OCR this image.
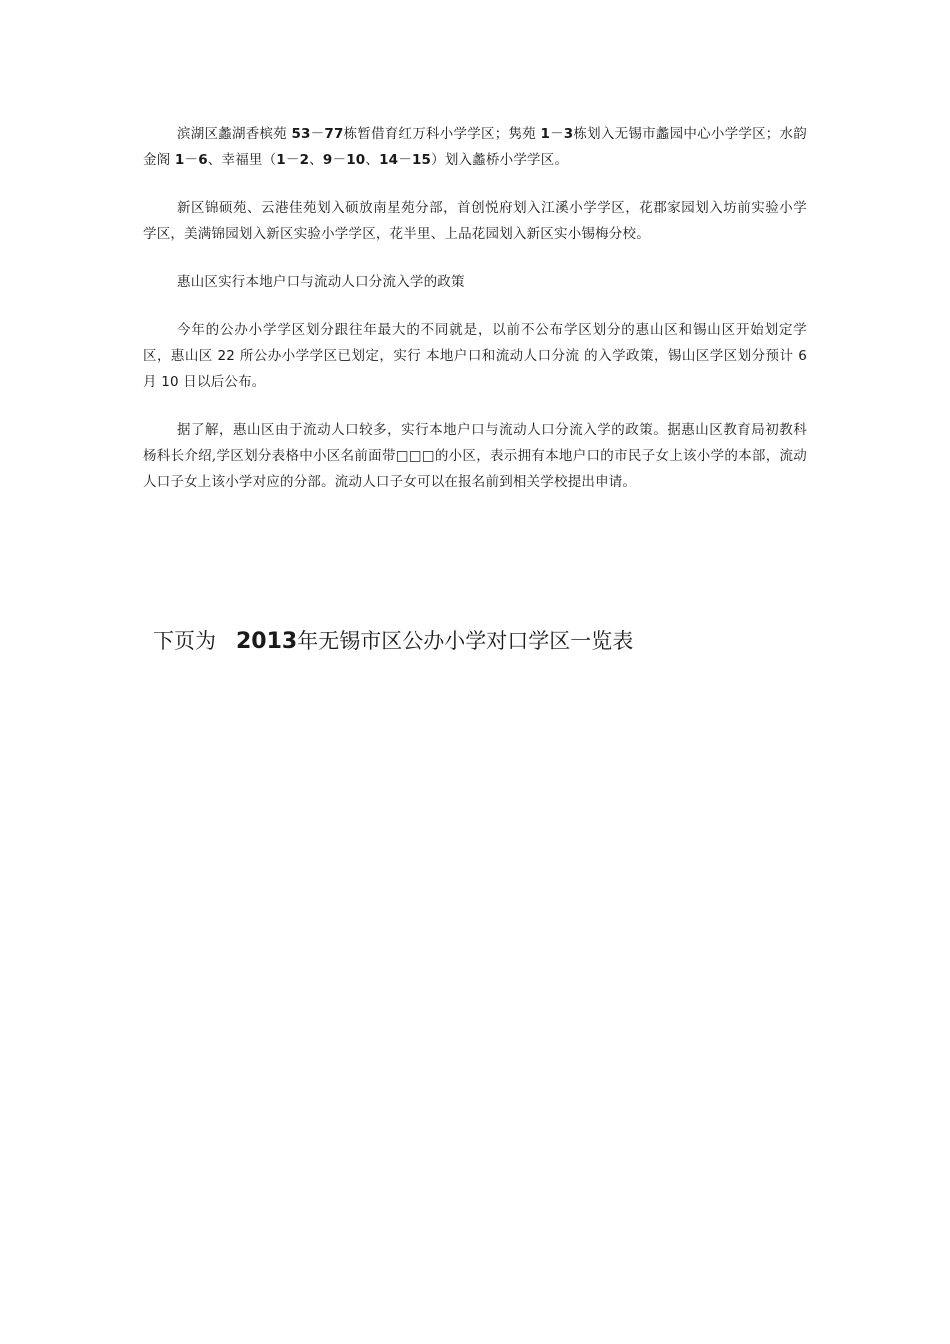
滨湖区蠡湖香槟苑 53－77栋暂借育红万科小学学区；隽苑 1－3栋划入无锡市蠡园中心小学学区；水韵金阁 1－6、幸福里（1－2、9－10、14－15）划入蠡桥小学学区。

新区锦硕苑、云港佳苑划入硕放南星苑分部，首创悦府划入江溪小学学区，花郡家园划入坊前实验小学学区，美满锦园划入新区实验小学学区，花半里、上品花园划入新区实小锡梅分校。

惠山区实行本地户口与流动人口分流入学的政策

今年的公办小学学区划分跟往年最大的不同就是，以前不公布学区划分的惠山区和锡山区开始划定学区，惠山区 22 所公办小学学区已划定，实行 本地户口和流动人口分流 的入学政策，锡山区学区划分预计 6 月 10 日以后公布。

据了解，惠山区由于流动人口较多，实行本地户口与流动人口分流入学的政策。据惠山区教育局初教科杨科长介绍,学区划分表格中小区名前面带□□□的小区，表示拥有本地户口的市民子女上该小学的本部，流动人口子女上该小学对应的分部。流动人口子女可以在报名前到相关学校提出申请。

下页为 2013年无锡市区公办小学对口学区一览表
